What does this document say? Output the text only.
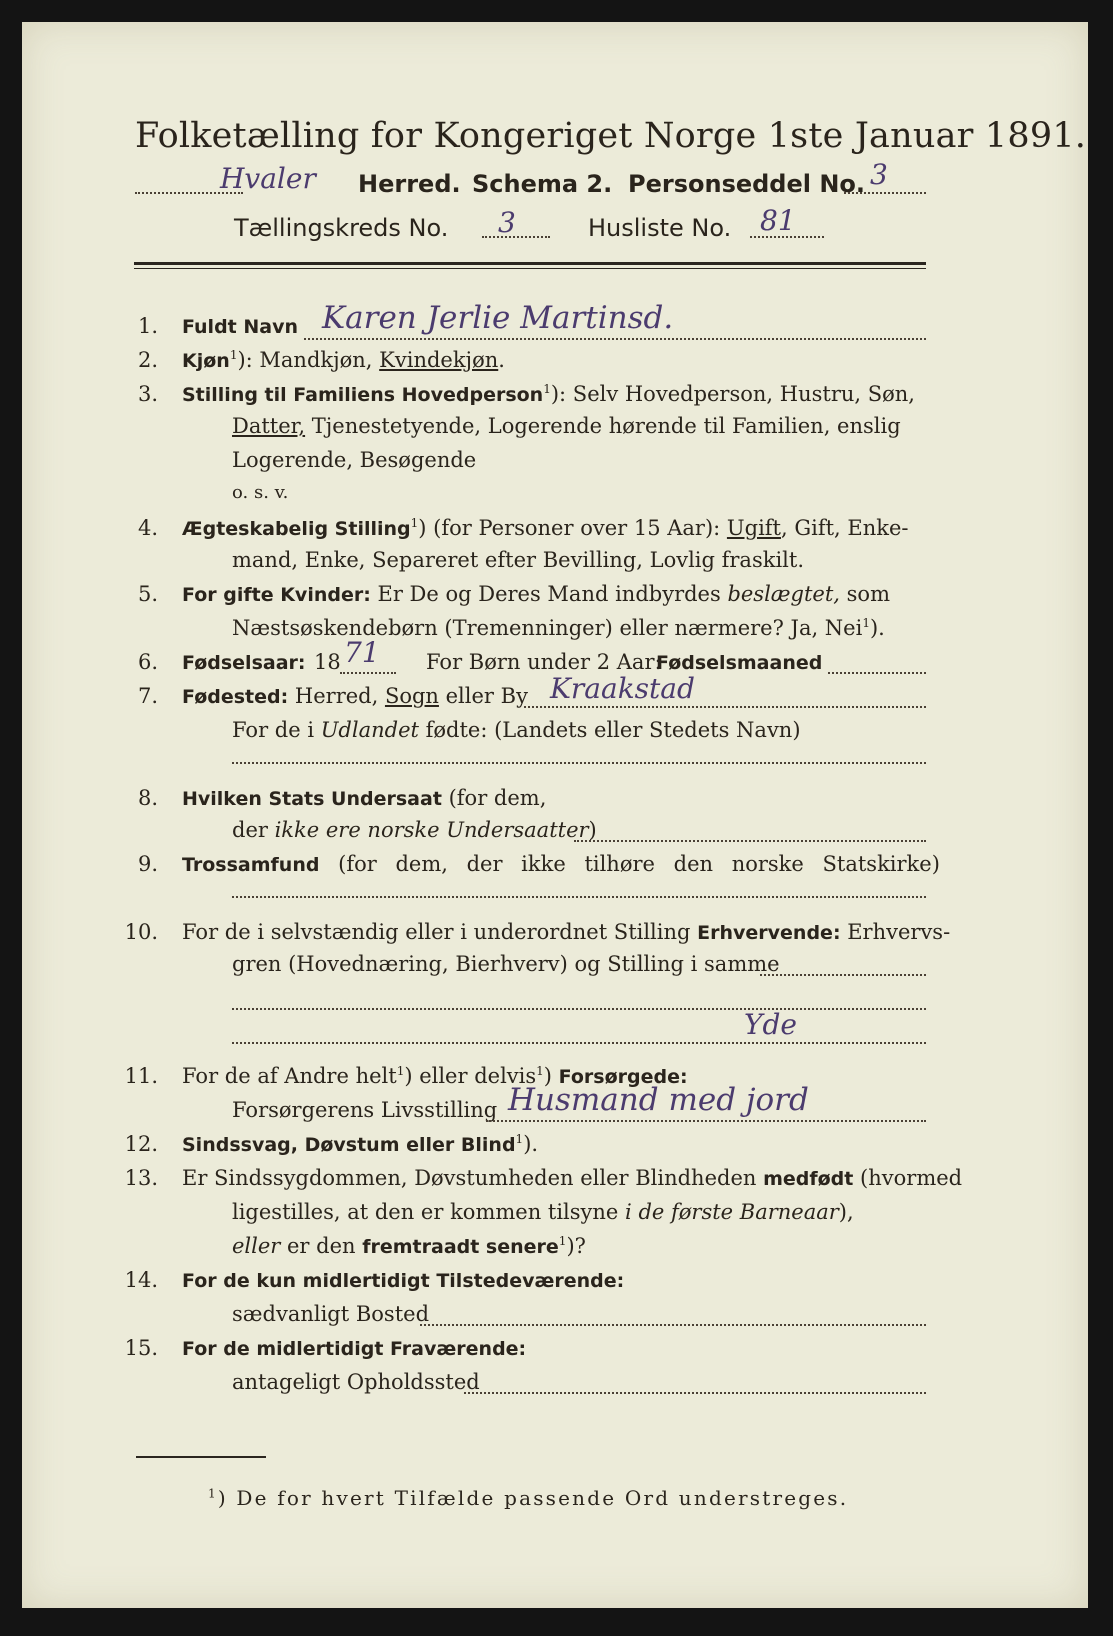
Folketælling for Kongeriget Norge 1ste Januar 1891.
Hvaler Herred. Schema 2. Personseddel No. 3
Tællingskreds No. 3	Husliste No. 81
1. Fuldt Navn Karen Jerlie Martinsd.
2. Kjøn$^1$): Mandkjøn, Kvindekjøn.
3. Stilling til Familiens Hovedperson$^1$): Selv Hovedperson, Hustru, Søn,
Datter, Tjenestetyende, Logerende hørende til Familien, enslig
Logerende, Besøgende
o. s. v.
4. Ægteskabelig Stilling$^1$) (for Personer over 15 Aar): Ugift, Gift, Enke-
mand, Enke, Separeret efter Bevilling, Lovlig fraskilt.
5. For gifte Kvinder: Er De og Deres Mand indbyrdes beslægtet, som
Næstsøskendebørn (Tremenninger) eller nærmere? Ja, Nei$^1$).
6. Fødselsaar: 18 71 For Børn under 2 Aar:
Fødselsmaaned
7. Fødested: Herred, Sogn eller By Kraakstad
For de i Udlandet fødte: (Landets eller Stedets Navn)
8. Hvilken Stats Undersaat (for dem,
der ikke ere norske Undersaatter)
9. Trossamfund (for dem, der ikke tilhøre den norske Statskirke)
10. For de i selvstændig eller i underordnet Stilling Erhvervende: Erhvervs-
gren (Hovednæring, Bierhverv) og Stilling i samme
Yde
11. For de af Andre helt$^1$) eller delvis$^1$) Forsørgede:
Forsørgerens Livsstilling Husmand med jord
12. Sindssvag, Døvstum eller Blind$^1$).
13. Er Sindssygdommen, Døvstumheden eller Blindheden medfødt (hvormed
ligestilles, at den er kommen tilsyne i de første Barneaar),
eller er den fremtraadt senere$^1$)?
14. For de kun midlertidigt Tilstedeværende:
sædvanligt Bosted
15. For de midlertidigt Fraværende:
antageligt Opholdssted
$^1$) De for hvert Tilfælde passende Ord understreges.
